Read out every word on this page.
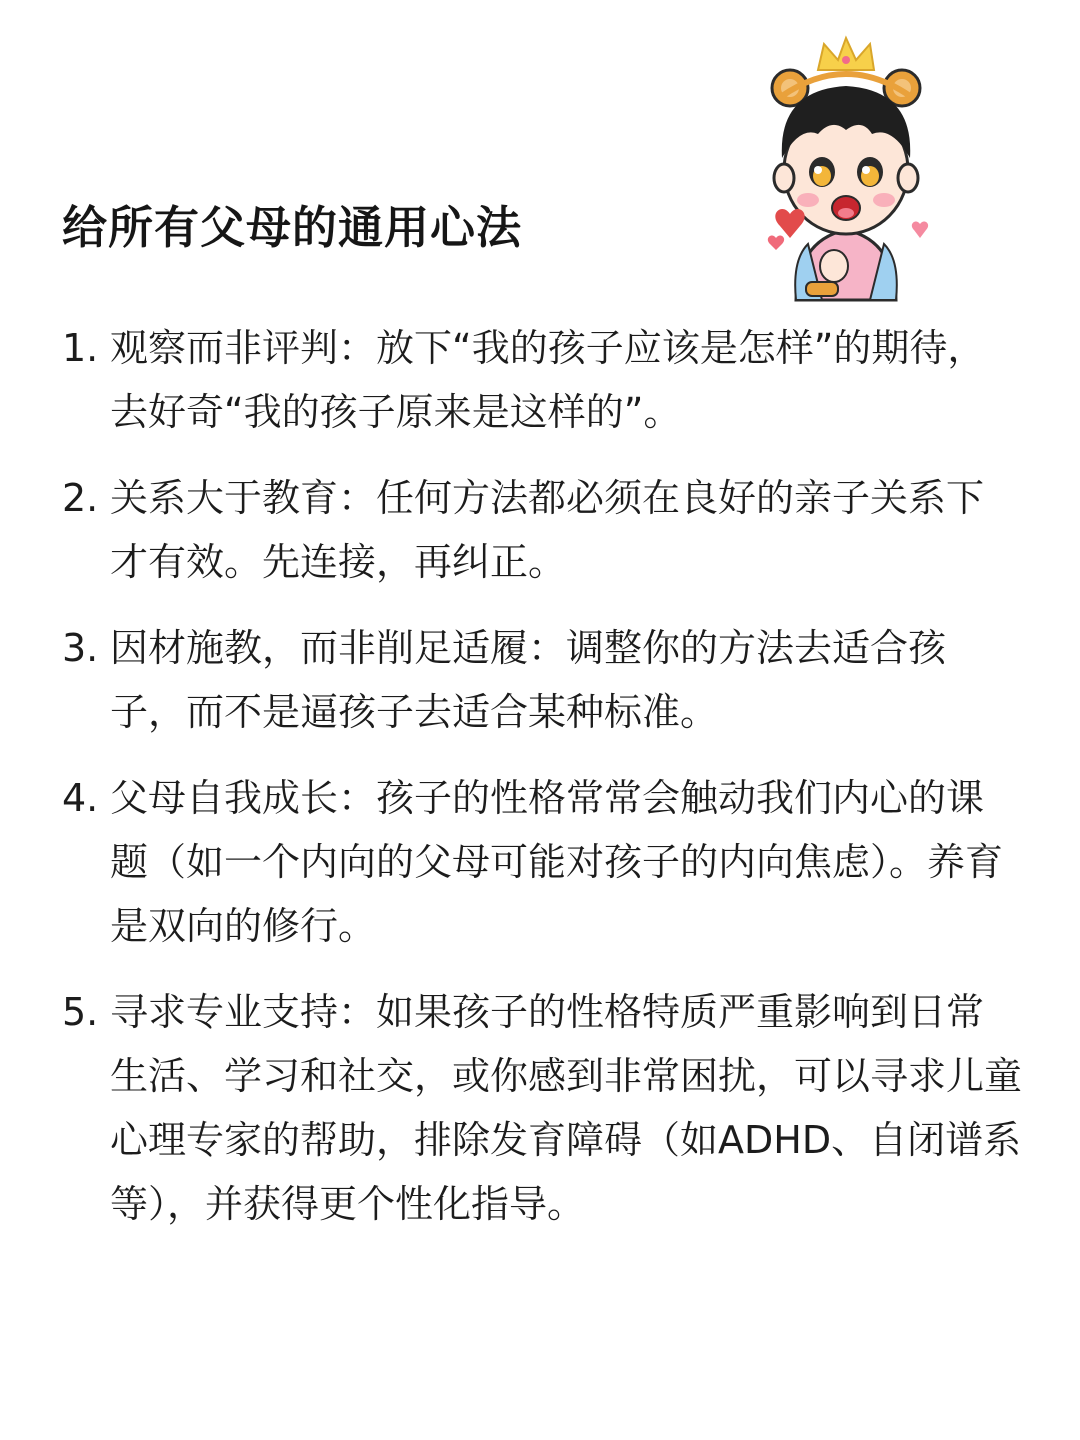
给所有父母的通用心法
1. 观察而非评判：放下“我的孩子应该是怎样”的期待，去好奇“我的孩子原来是这样的”。
2. 关系大于教育：任何方法都必须在良好的亲子关系下才有效。先连接，再纠正。
3. 因材施教，而非削足适履：调整你的方法去适合孩子，而不是逼孩子去适合某种标准。
4. 父母自我成长：孩子的性格常常会触动我们内心的课题（如一个内向的父母可能对孩子的内向焦虑）。养育是双向的修行。
5. 寻求专业支持：如果孩子的性格特质严重影响到日常生活、学习和社交，或你感到非常困扰，可以寻求儿童心理专家的帮助，排除发育障碍（如ADHD、自闭谱系等），并获得更个性化指导。
